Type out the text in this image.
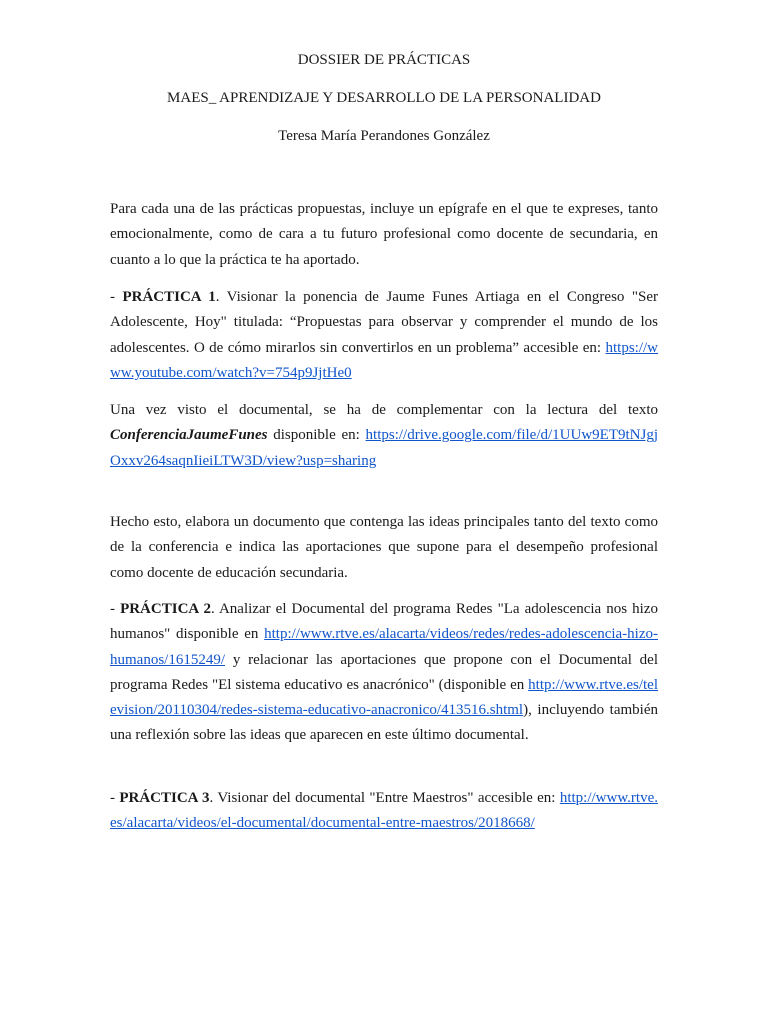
DOSSIER DE PRÁCTICAS
MAES_ APRENDIZAJE Y DESARROLLO DE LA PERSONALIDAD
Teresa María Perandones González

Para cada una de las prácticas propuestas, incluye un epígrafe en el que te expreses, tanto emocionalmente, como de cara a tu futuro profesional como docente de secundaria, en cuanto a lo que la práctica te ha aportado.

- PRÁCTICA 1. Visionar la ponencia de Jaume Funes Artiaga en el Congreso "Ser Adolescente, Hoy" titulada: “Propuestas para observar y comprender el mundo de los adolescentes. O de cómo mirarlos sin convertirlos en un problema” accesible en: https://www.youtube.com/watch?v=754p9JjtHe0

Una vez visto el documental, se ha de complementar con la lectura del texto ConferenciaJaumeFunes disponible en: https://drive.google.com/file/d/1UUw9ET9tNJgjOxxv264saqnIieiLTW3D/view?usp=sharing

Hecho esto, elabora un documento que contenga las ideas principales tanto del texto como de la conferencia e indica las aportaciones que supone para el desempeño profesional como docente de educación secundaria.

- PRÁCTICA 2. Analizar el Documental del programa Redes "La adolescencia nos hizo humanos" disponible en http://www.rtve.es/alacarta/videos/redes/redes-adolescencia-hizo-humanos/1615249/ y relacionar las aportaciones que propone con el Documental del programa Redes "El sistema educativo es anacrónico" (disponible en http://www.rtve.es/television/20110304/redes-sistema-educativo-anacronico/413516.shtml), incluyendo también una reflexión sobre las ideas que aparecen en este último documental.

- PRÁCTICA 3. Visionar del documental "Entre Maestros" accesible en: http://www.rtve.es/alacarta/videos/el-documental/documental-entre-maestros/2018668/
